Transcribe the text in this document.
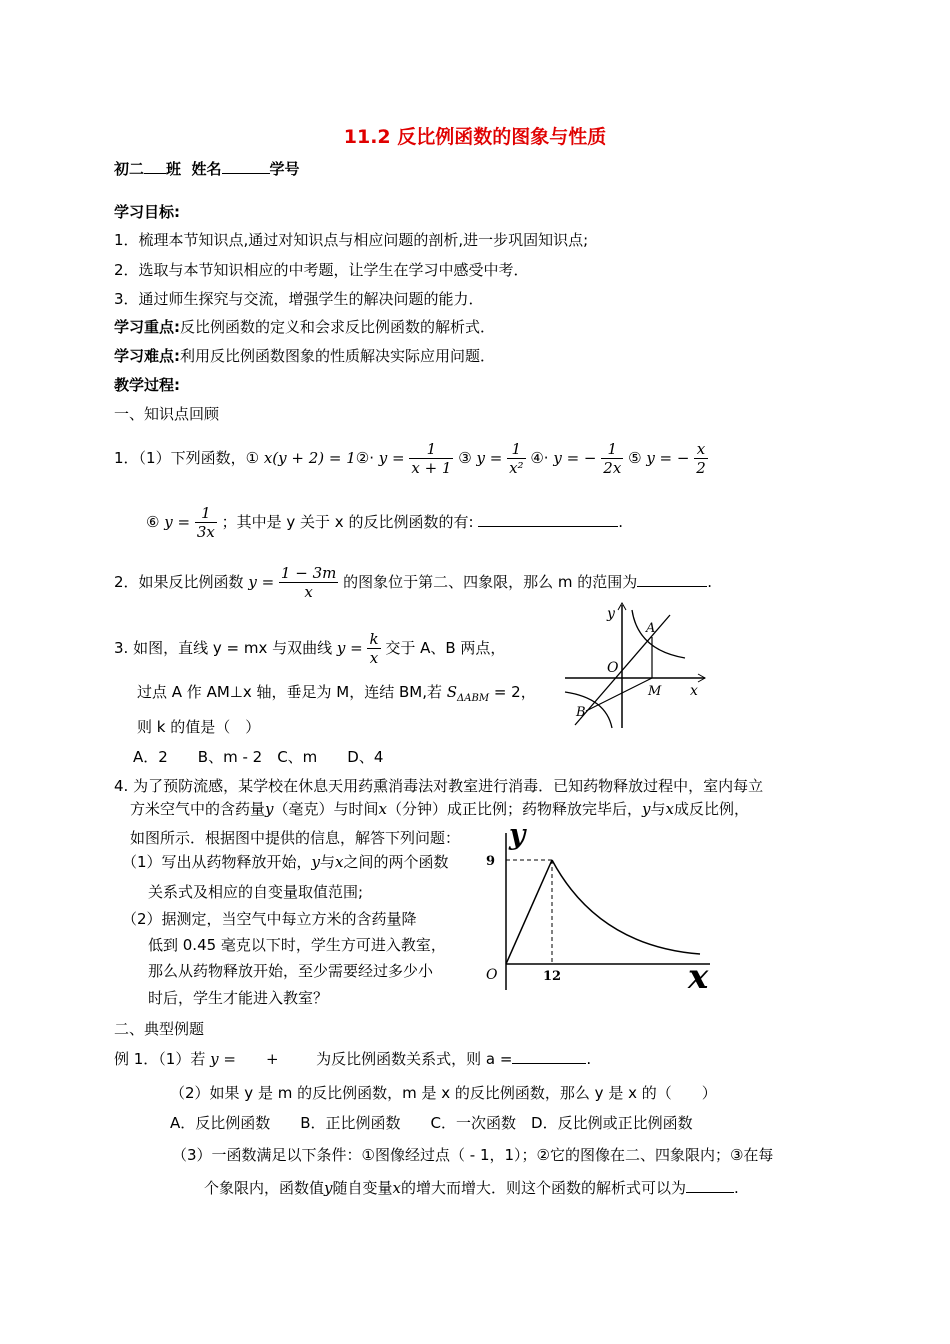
11.2 反比例函数的图象与性质
初二 班 姓名	学号
学习目标:
1．梳理本节知识点,通过对知识点与相应问题的剖析,进一步巩固知识点;
2．选取与本节知识相应的中考题，让学生在学习中感受中考．
3．通过师生探究与交流，增强学生的解决问题的能力．
学习重点:反比例函数的定义和会求反比例函数的解析式．
学习难点:利用反比例函数图象的性质解决实际应用问题．
教学过程:
一、知识点回顾
1．（1）下列函数，① x(y + 2) = 1②· $y = \frac{1}{x + 1}$ ③ $y = \frac{1}{\text{x²}}$ ④· y = − $\frac{1}{2x}$ ⑤ y = − $\frac{x}{2}$
⑥ $y = \frac{1}{3x}$ ；其中是 y 关于 x 的反比例函数的有:	.
2．如果反比例函数 $y = \frac{1 - 3m}{x}$ 的图象位于第二、四象限，那么 m 的范围为	.
3. 如图，直线 y = mx 与双曲线 $y = \frac{k}{x}$ 交于 A、B 两点，
过点 A 作 AM⊥x 轴，垂足为 M，连结 BM,若 $S_{\Delta ABM} = 2$，
则 k 的值是（　）
A．2　　B、m - 2　C、m　　D、4
y
x
O
A
B
M
4. 为了预防流感，某学校在休息天用药熏消毒法对教室进行消毒．已知药物释放过程中，室内每立
方米空气中的含药量y（毫克）与时间x（分钟）成正比例；药物释放完毕后，y与x成反比例，
如图所示．根据图中提供的信息，解答下列问题：
（1）写出从药物释放开始，y与x之间的两个函数
关系式及相应的自变量取值范围;
（2）据测定，当空气中每立方米的含药量降
低到 0.45 毫克以下时，学生方可进入教室，
那么从药物释放开始，至少需要经过多少小
时后，学生才能进入教室？
y
x
O
9
12
二、典型例题
例 1．（1）若 y =　　+	为反比例函数关系式，则 a =	.
（2）如果 y 是 m 的反比例函数，m 是 x 的反比例函数，那么 y 是 x 的（　　）
A．反比例函数　　B．正比例函数　　C．一次函数　D．反比例或正比例函数
（3）一函数满足以下条件：①图像经过点（ - 1，1）；②它的图像在二、四象限内；③在每
个象限内，函数值y随自变量x的增大而增大．则这个函数的解析式可以为	.
